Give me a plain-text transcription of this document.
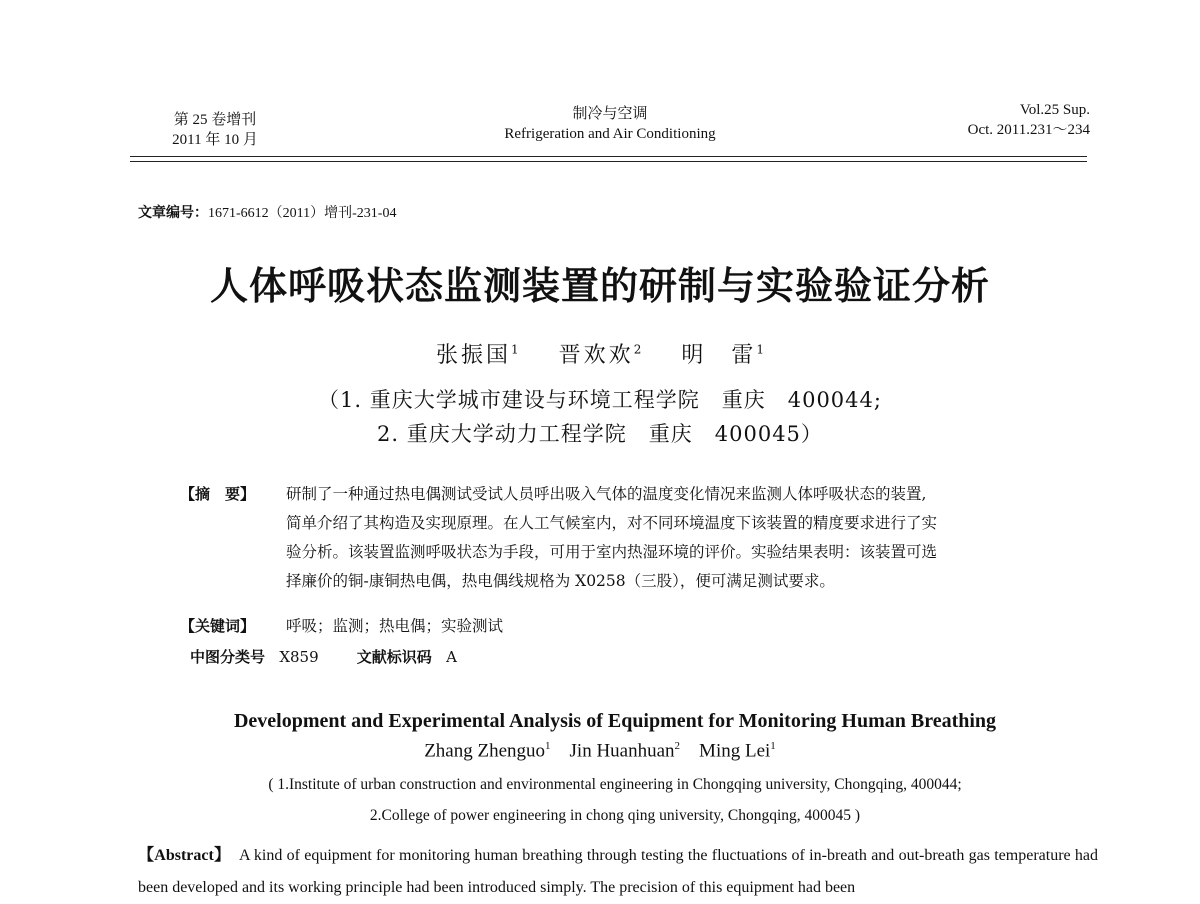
第 25 卷增刊
2011 年 10 月
制冷与空调
Refrigeration and Air Conditioning
Vol.25 Sup.
Oct. 2011.231～234
文章编号：1671-6612（2011）增刊-231-04
人体呼吸状态监测装置的研制与实验验证分析
张振国$^1$ 晋欢欢$^2$ 明　雷$^1$
（1. 重庆大学城市建设与环境工程学院　重庆　400044;
2. 重庆大学动力工程学院　重庆　400045）
【摘　要】 研制了一种通过热电偶测试受试人员呼出吸入气体的温度变化情况来监测人体呼吸状态的装置,
简单介绍了其构造及实现原理。在人工气候室内，对不同环境温度下该装置的精度要求进行了实
验分析。该装置监测呼吸状态为手段，可用于室内热湿环境的评价。实验结果表明：该装置可选
择廉价的铜-康铜热电偶，热电偶线规格为 X0258（三股），便可满足测试要求。
【关键词】 呼吸；监测；热电偶；实验测试
中图分类号 X859	文献标识码 A
Development and Experimental Analysis of Equipment for Monitoring Human Breathing
Zhang Zhenguo$^1$ Jin Huanhuan$^2$ Ming Lei$^1$
( 1.Institute of urban construction and environmental engineering in Chongqing university, Chongqing, 400044;
2.College of power engineering in chong qing university, Chongqing, 400045 )
【Abstract】 A kind of equipment for monitoring human breathing through testing the fluctuations of in-breath and out-breath gas temperature had been developed and its working principle had been introduced simply. The precision of this equipment had been
